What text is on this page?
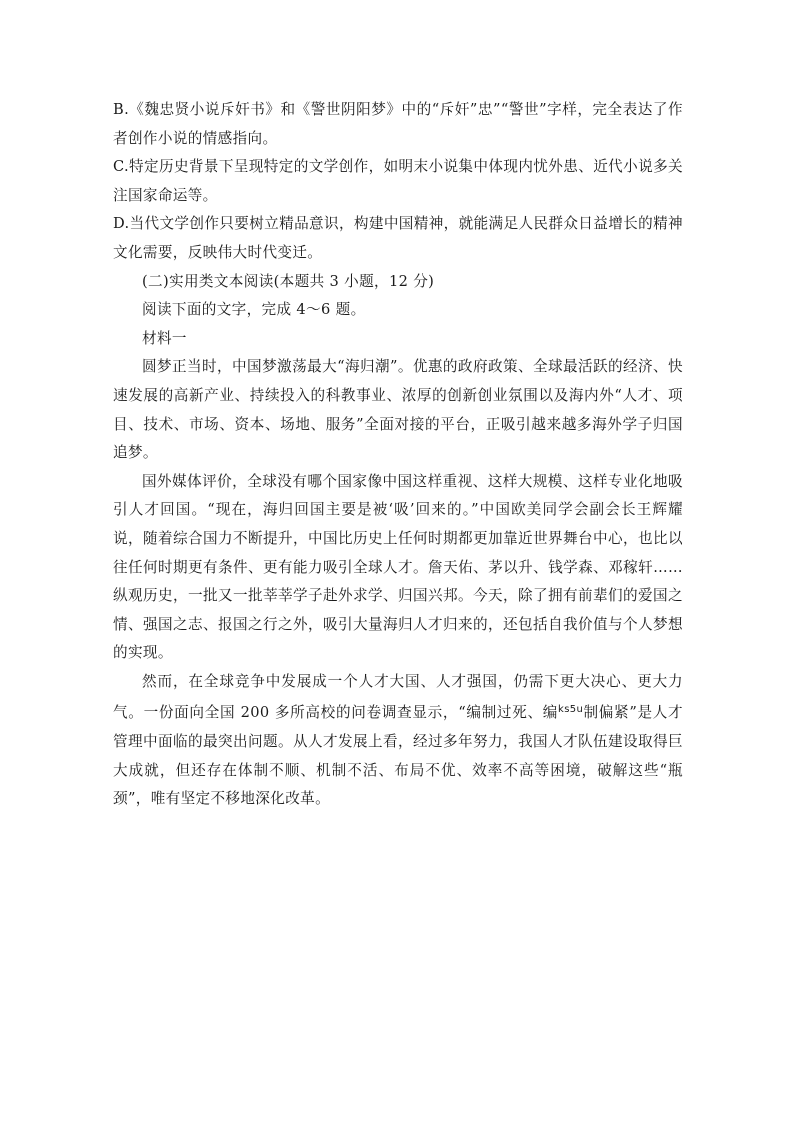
B.《魏忠贤小说斥奸书》和《警世阴阳梦》中的“斥奸”忠”“警世”字样，完全表达了作者创作小说的情感指向。

C.特定历史背景下呈现特定的文学创作，如明末小说集中体现内忧外患、近代小说多关注国家命运等。

D.当代文学创作只要树立精品意识，构建中国精神，就能满足人民群众日益增长的精神文化需要，反映伟大时代变迁。

(二)实用类文本阅读(本题共 3 小题，12 分)

阅读下面的文字，完成 4～6 题。

材料一

圆梦正当时，中国梦激荡最大“海归潮”。优惠的政府政策、全球最活跃的经济、快速发展的高新产业、持续投入的科教事业、浓厚的创新创业氛围以及海内外“人才、项目、技术、市场、资本、场地、服务”全面对接的平台，正吸引越来越多海外学子归国追梦。

国外媒体评价，全球没有哪个国家像中国这样重视、这样大规模、这样专业化地吸引人才回国。“现在，海归回国主要是被‘吸’回来的。”中国欧美同学会副会长王辉耀说，随着综合国力不断提升，中国比历史上任何时期都更加靠近世界舞台中心，也比以往任何时期更有条件、更有能力吸引全球人才。詹天佑、茅以升、钱学森、邓稼轩……纵观历史，一批又一批莘莘学子赴外求学、归国兴邦。今天，除了拥有前辈们的爱国之情、强国之志、报国之行之外，吸引大量海归人才归来的，还包括自我价值与个人梦想的实现。

然而，在全球竞争中发展成一个人才大国、人才强国，仍需下更大决心、更大力气。一份面向全国 200 多所高校的问卷调查显示，“编制过死、编$^{ks5u}$制偏紧”是人才管理中面临的最突出问题。从人才发展上看，经过多年努力，我国人才队伍建设取得巨大成就，但还存在体制不顺、机制不活、布局不优、效率不高等困境，破解这些“瓶颈”，唯有坚定不移地深化改革。
